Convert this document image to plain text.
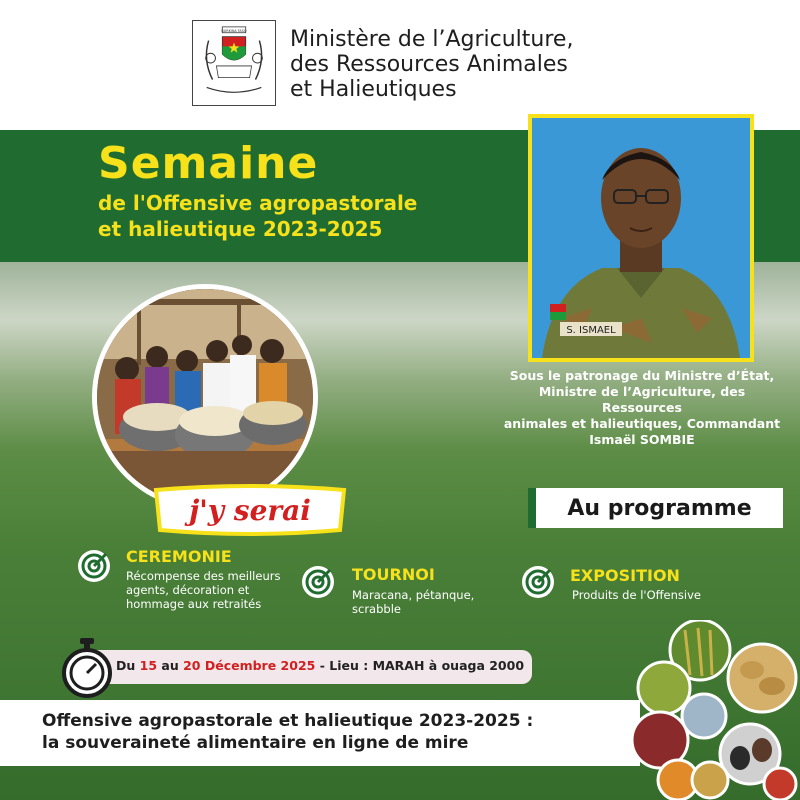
BURKINA FASO Ministère de l’Agriculture,
des Ressources Animales
et Halieutiques
Semaine
de l'Offensive agropastorale
et halieutique 2023-2025
S. ISMAEL
Sous le patronage du Ministre d’État,
Ministre de l’Agriculture, des Ressources
animales et halieutiques, Commandant
Ismaël SOMBIE
j'y serai	Au programme
CEREMONIE
Récompense des meilleurs
agents, décoration et
hommage aux retraités
TOURNOI
Maracana, pétanque,
scrabble
EXPOSITION
Produits de l'Offensive
Du 15 au 20 Décembre 2025 - Lieu : MARAH à ouaga 2000
Offensive agropastorale et halieutique 2023-2025 :
la souveraineté alimentaire en ligne de mire
